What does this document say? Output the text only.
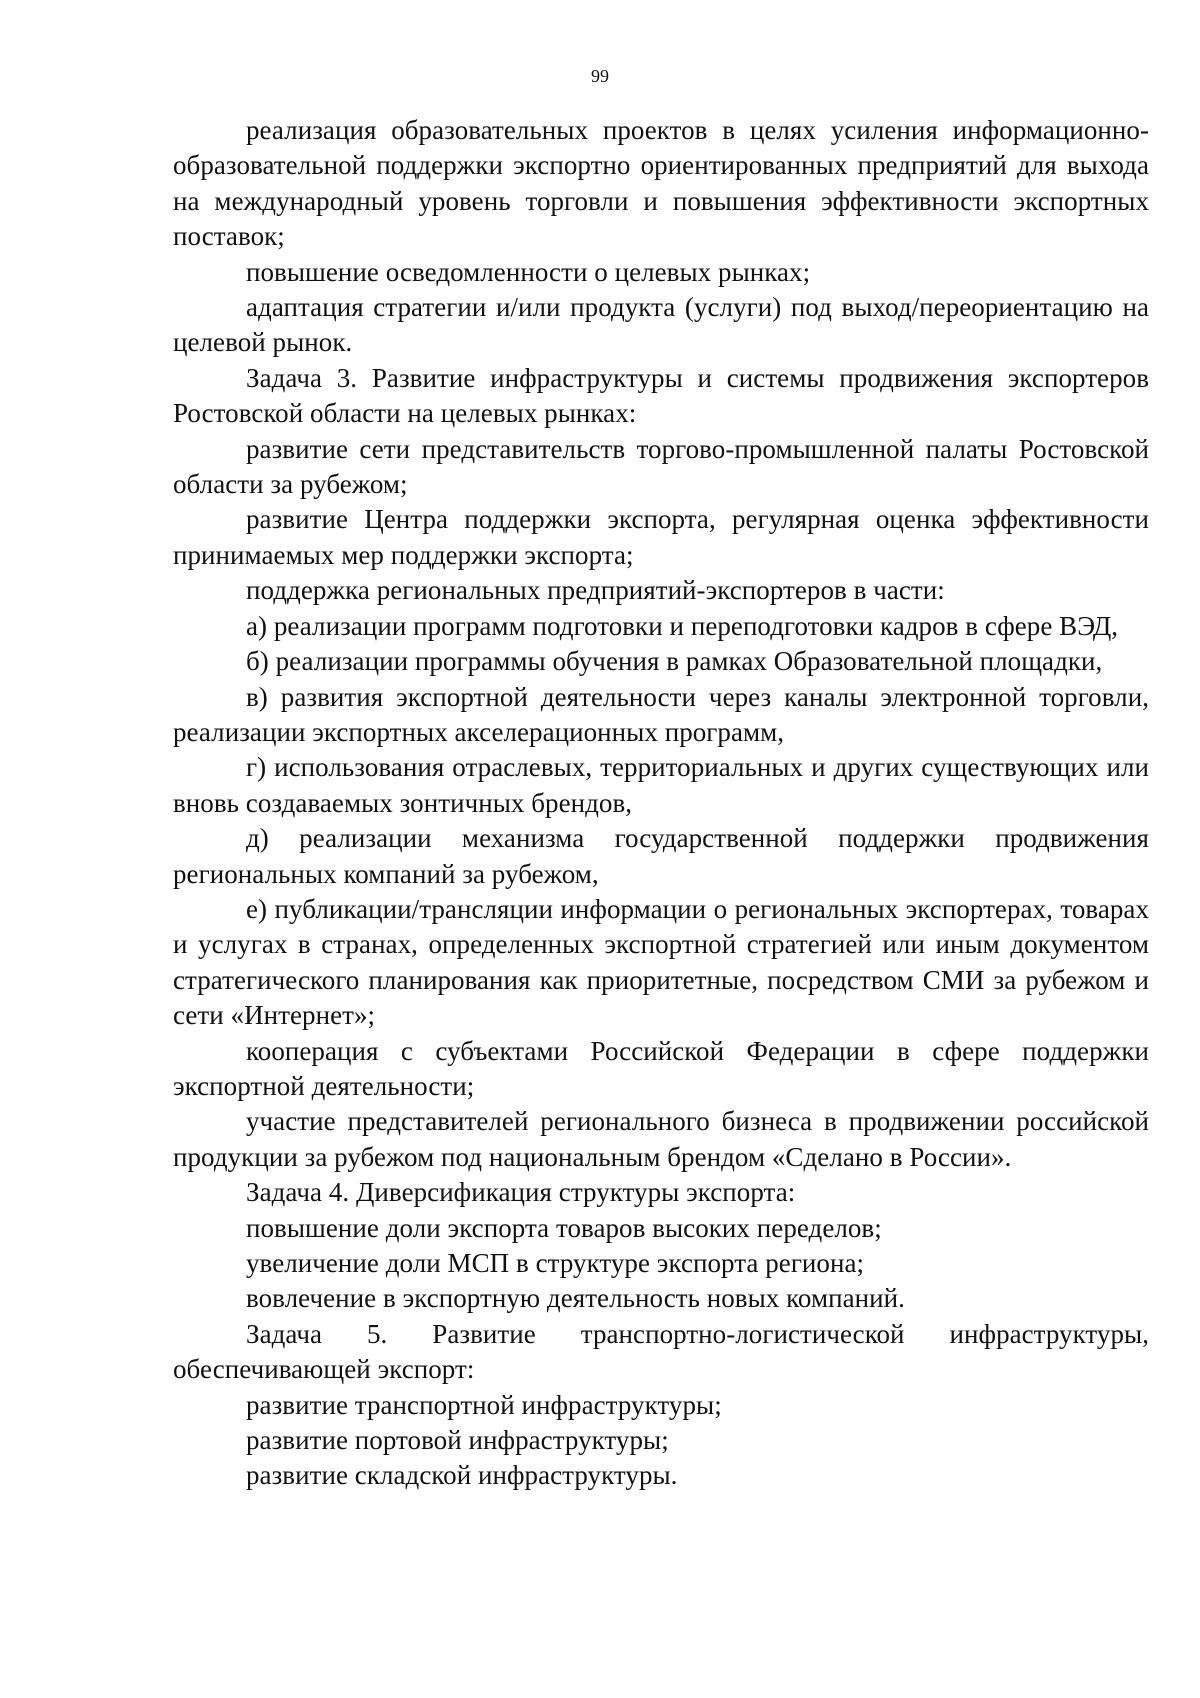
99

реализация образовательных проектов в целях усиления информационно-образовательной поддержки экспортно ориентированных предприятий для выхода на международный уровень торговли и повышения эффективности экспортных поставок;

повышение осведомленности о целевых рынках;

адаптация стратегии и/или продукта (услуги) под выход/переориентацию на целевой рынок.

Задача 3. Развитие инфраструктуры и системы продвижения экспортеров Ростовской области на целевых рынках:

развитие сети представительств торгово-промышленной палаты Ростовской области за рубежом;

развитие Центра поддержки экспорта, регулярная оценка эффективности принимаемых мер поддержки экспорта;

поддержка региональных предприятий-экспортеров в части:

а) реализации программ подготовки и переподготовки кадров в сфере ВЭД,

б) реализации программы обучения в рамках Образовательной площадки,

в) развития экспортной деятельности через каналы электронной торговли, реализации экспортных акселерационных программ,

г) использования отраслевых, территориальных и других существующих или вновь создаваемых зонтичных брендов,

д) реализации механизма государственной поддержки продвижения региональных компаний за рубежом,

е) публикации/трансляции информации о региональных экспортерах, товарах и услугах в странах, определенных экспортной стратегией или иным документом стратегического планирования как приоритетные, посредством СМИ за рубежом и сети «Интернет»;

кооперация с субъектами Российской Федерации в сфере поддержки экспортной деятельности;

участие представителей регионального бизнеса в продвижении российской продукции за рубежом под национальным брендом «Сделано в России».

Задача 4. Диверсификация структуры экспорта:

повышение доли экспорта товаров высоких переделов;

увеличение доли МСП в структуре экспорта региона;

вовлечение в экспортную деятельность новых компаний.

Задача 5. Развитие транспортно-логистической инфраструктуры, обеспечивающей экспорт:

развитие транспортной инфраструктуры;

развитие портовой инфраструктуры;

развитие складской инфраструктуры.
